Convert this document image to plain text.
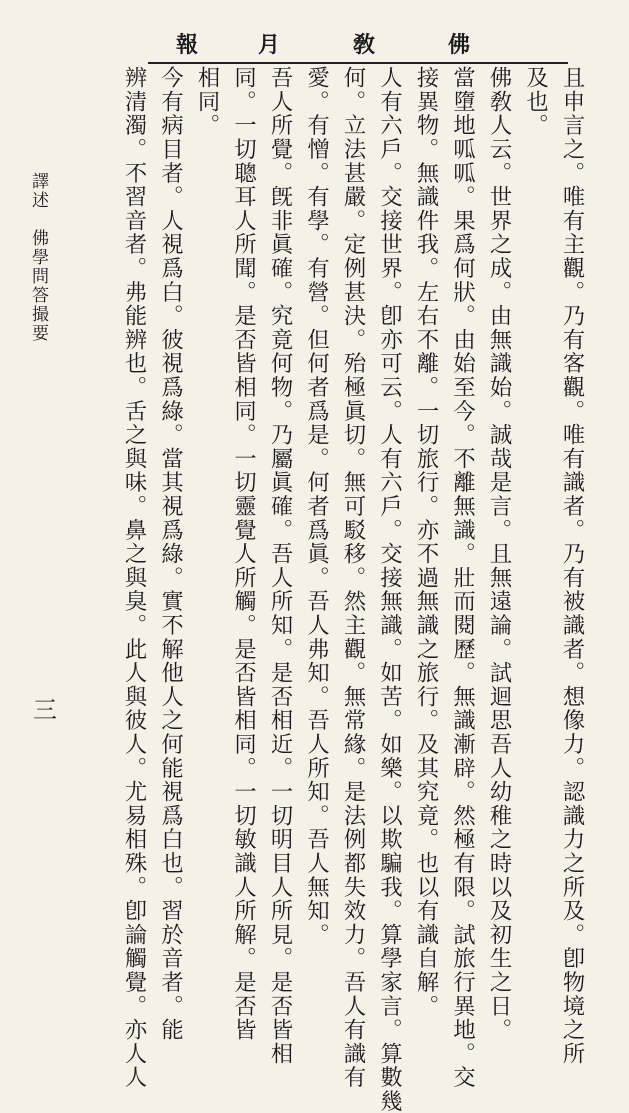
佛
敎
月
報
且申言之。唯有主觀。乃有客觀。唯有識者。乃有被識者。想像力。認識力之所及。卽物境之所
及也。
佛敎人云。世界之成。由無識始。誠哉是言。且無遠論。試迴思吾人幼稚之時以及初生之日。
當墮地呱呱。果爲何狀。由始至今。不離無識。壯而閱歷。無識漸辟。然極有限。試旅行異地。交
接異物。無識件我。左右不離。一切旅行。亦不過無識之旅行。及其究竟。也以有識自解。
人有六戶。交接世界。卽亦可云。人有六戶。交接無識。如苦。如樂。以欺騙我。算學家言。算數幾
何。立法甚嚴。定例甚決。殆極眞切。無可駁移。然主觀。無常緣。是法例都失效力。吾人有識有
愛。有憎。有學。有營。但何者爲是。何者爲眞。吾人弗知。吾人所知。吾人無知。
吾人所覺。旣非眞確。究竟何物。乃屬眞確。吾人所知。是否相近。一切明目人所見。是否皆相
同。一切聰耳人所聞。是否皆相同。一切靈覺人所觸。是否皆相同。一切敏識人所解。是否皆
相同。
今有病目者。人視爲白。彼視爲綠。當其視爲綠。實不解他人之何能視爲白也。習於音者。能
辨清濁。不習音者。弗能辨也。舌之與味。鼻之與臭。此人與彼人。尤易相殊。卽論觸覺。亦人人
譯述　佛學問答撮要
三
